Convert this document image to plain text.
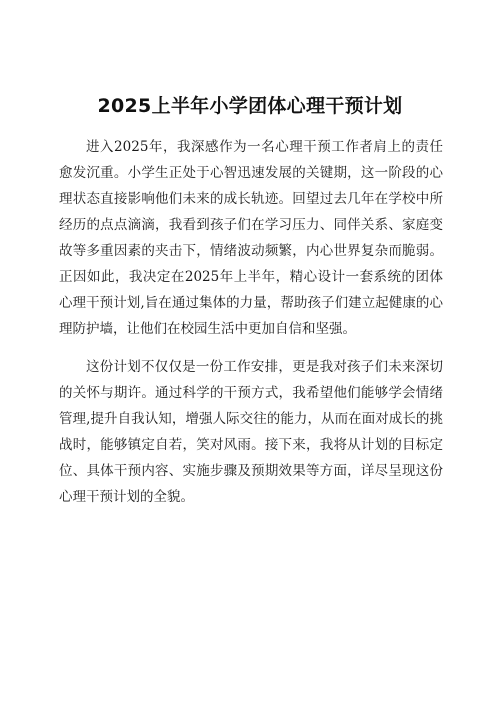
2025上半年小学团体心理干预计划

进入2025年，我深感作为一名心理干预工作者肩上的责任愈发沉重。小学生正处于心智迅速发展的关键期，这一阶段的心理状态直接影响他们未来的成长轨迹。回望过去几年在学校中所经历的点点滴滴，我看到孩子们在学习压力、同伴关系、家庭变故等多重因素的夹击下，情绪波动频繁，内心世界复杂而脆弱。正因如此，我决定在2025年上半年，精心设计一套系统的团体心理干预计划,旨在通过集体的力量，帮助孩子们建立起健康的心理防护墙，让他们在校园生活中更加自信和坚强。

这份计划不仅仅是一份工作安排，更是我对孩子们未来深切的关怀与期许。通过科学的干预方式，我希望他们能够学会情绪管理,提升自我认知，增强人际交往的能力，从而在面对成长的挑战时，能够镇定自若，笑对风雨。接下来，我将从计划的目标定位、具体干预内容、实施步骤及预期效果等方面，详尽呈现这份心理干预计划的全貌。
